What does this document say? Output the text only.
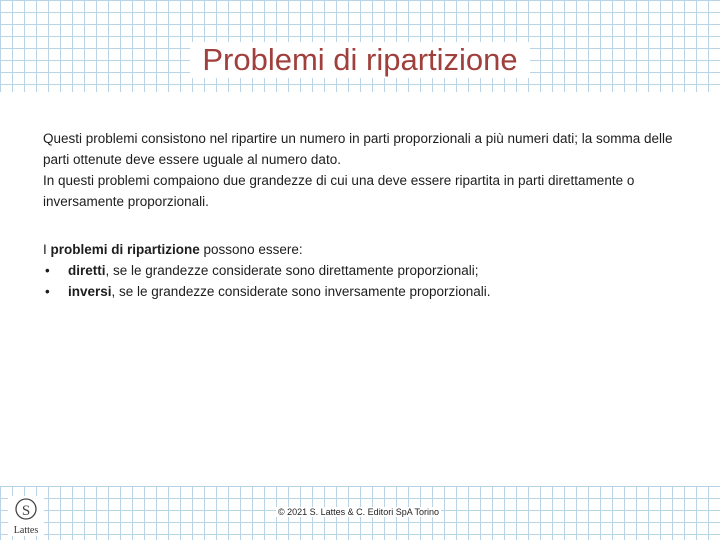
Problemi di ripartizione

Questi problemi consistono nel ripartire un numero in parti proporzionali a più numeri dati; la somma delle parti ottenute deve essere uguale al numero dato.

In questi problemi compaiono due grandezze di cui una deve essere ripartita in parti direttamente o inversamente proporzionali.

I problemi di ripartizione possono essere:

•	diretti, se le grandezze considerate sono direttamente proporzionali;
•	inversi, se le grandezze considerate sono inversamente proporzionali.
S
Lattes
© 2021 S. Lattes & C. Editori SpA Torino
